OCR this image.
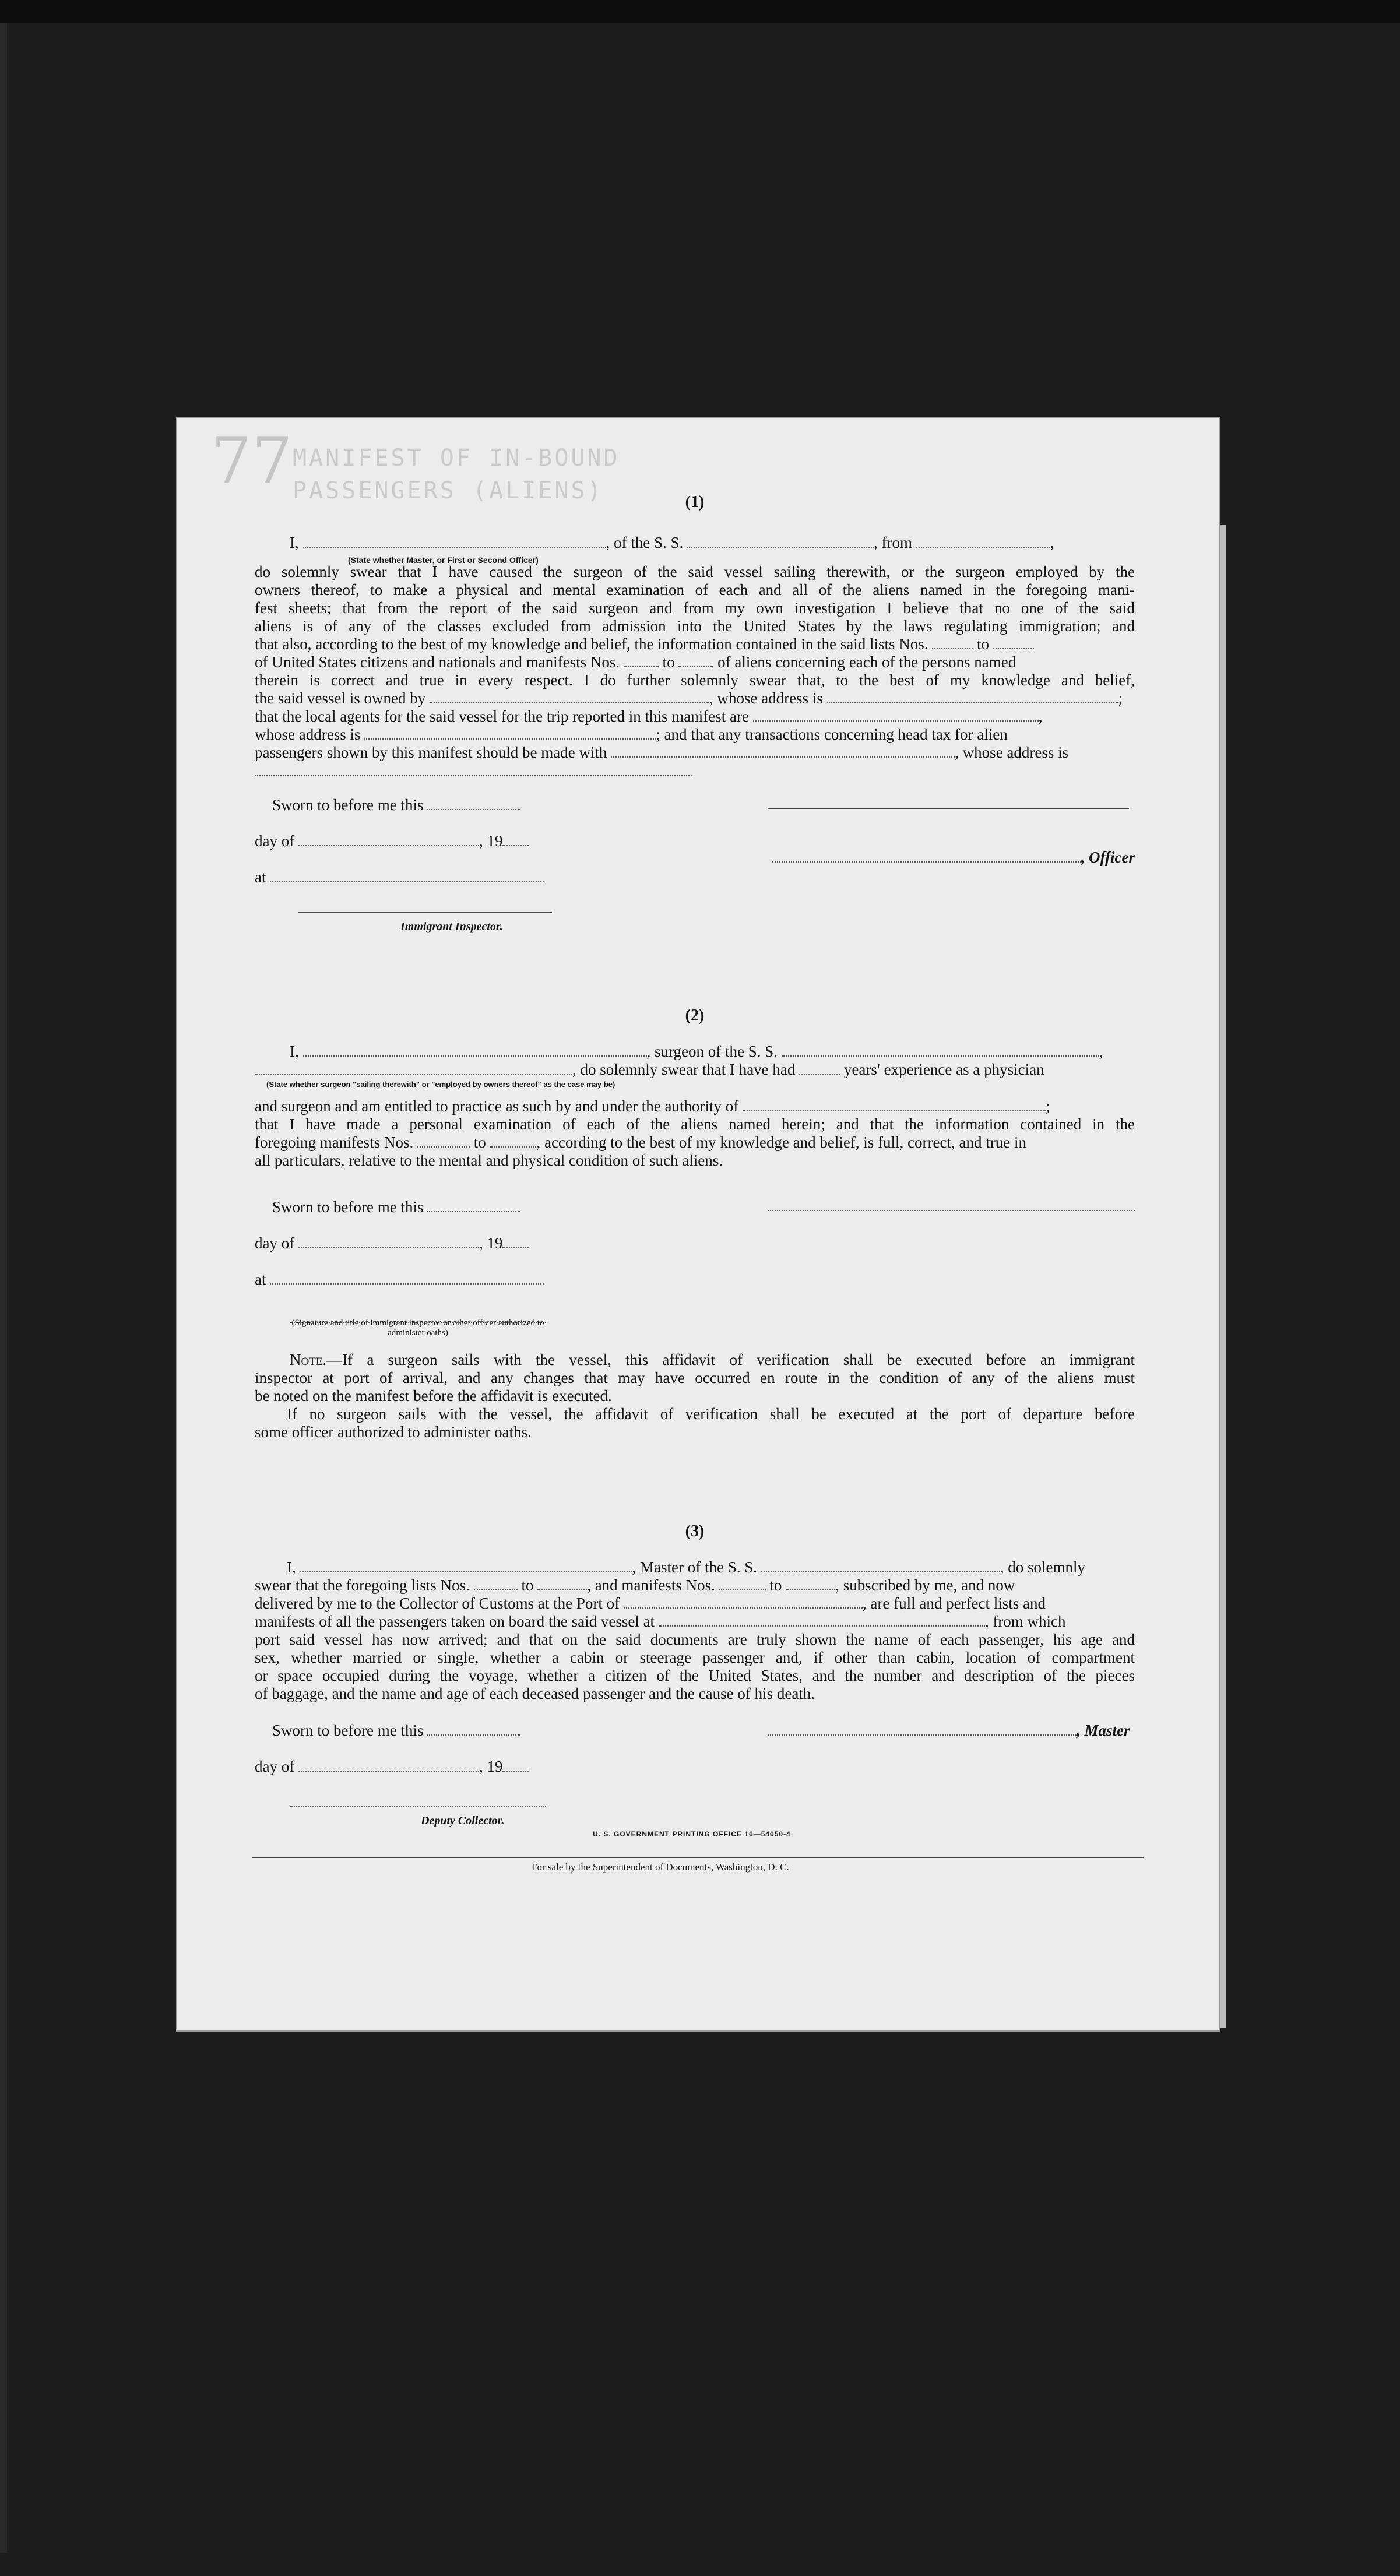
MANIFEST OF IN-BOUND PASSENGERS (ALIENS)
77
(1)
I,	, of the S. S.	, from	,
(State whether Master, or First or Second Officer)
do solemnly swear that I have caused the surgeon of the said vessel sailing therewith, or the surgeon employed by the
owners thereof, to make a physical and mental examination of each and all of the aliens named in the foregoing mani-
fest sheets; that from the report of the said surgeon and from my own investigation I believe that no one of the said
aliens is of any of the classes excluded from admission into the United States by the laws regulating immigration; and
that also, according to the best of my knowledge and belief, the information contained in the said lists Nos.	to
of United States citizens and nationals and manifests Nos.	to	of aliens concerning each of the persons named
therein is correct and true in every respect. I do further solemnly swear that, to the best of my knowledge and belief,
the said vessel is owned by	, whose address is	;
that the local agents for the said vessel for the trip reported in this manifest are	,
whose address is	; and that any transactions concerning head tax for alien
passengers shown by this manifest should be made with	, whose address is
Sworn to before me this
day of	, 19
, Officer
at
Immigrant Inspector.
(2)
I,	, surgeon of the S. S.	,
, do solemnly swear that I have had	years' experience as a physician
(State whether surgeon "sailing therewith" or "employed by owners thereof" as the case may be)
and surgeon and am entitled to practice as such by and under the authority of	;
that I have made a personal examination of each of the aliens named herein; and that the information contained in the
foregoing manifests Nos.	to	, according to the best of my knowledge and belief, is full, correct, and true in
all particulars, relative to the mental and physical condition of such aliens.
Sworn to before me this
day of	, 19
at
(Signature and title of immigrant inspector or other officer authorized to administer oaths)
Note.—If a surgeon sails with the vessel, this affidavit of verification shall be executed before an immigrant
inspector at port of arrival, and any changes that may have occurred en route in the condition of any of the aliens must
be noted on the manifest before the affidavit is executed.
If no surgeon sails with the vessel, the affidavit of verification shall be executed at the port of departure before
some officer authorized to administer oaths.
(3)
I,	, Master of the S. S.	, do solemnly
swear that the foregoing lists Nos.	to	, and manifests Nos.	to	, subscribed by me, and now
delivered by me to the Collector of Customs at the Port of	, are full and perfect lists and
manifests of all the passengers taken on board the said vessel at	, from which
port said vessel has now arrived; and that on the said documents are truly shown the name of each passenger, his age and
sex, whether married or single, whether a cabin or steerage passenger and, if other than cabin, location of compartment
or space occupied during the voyage, whether a citizen of the United States, and the number and description of the pieces
of baggage, and the name and age of each deceased passenger and the cause of his death.
Sworn to before me this	, Master
day of	, 19
Deputy Collector.
U. S. GOVERNMENT PRINTING OFFICE 16—54650-4
For sale by the Superintendent of Documents, Washington, D. C.
